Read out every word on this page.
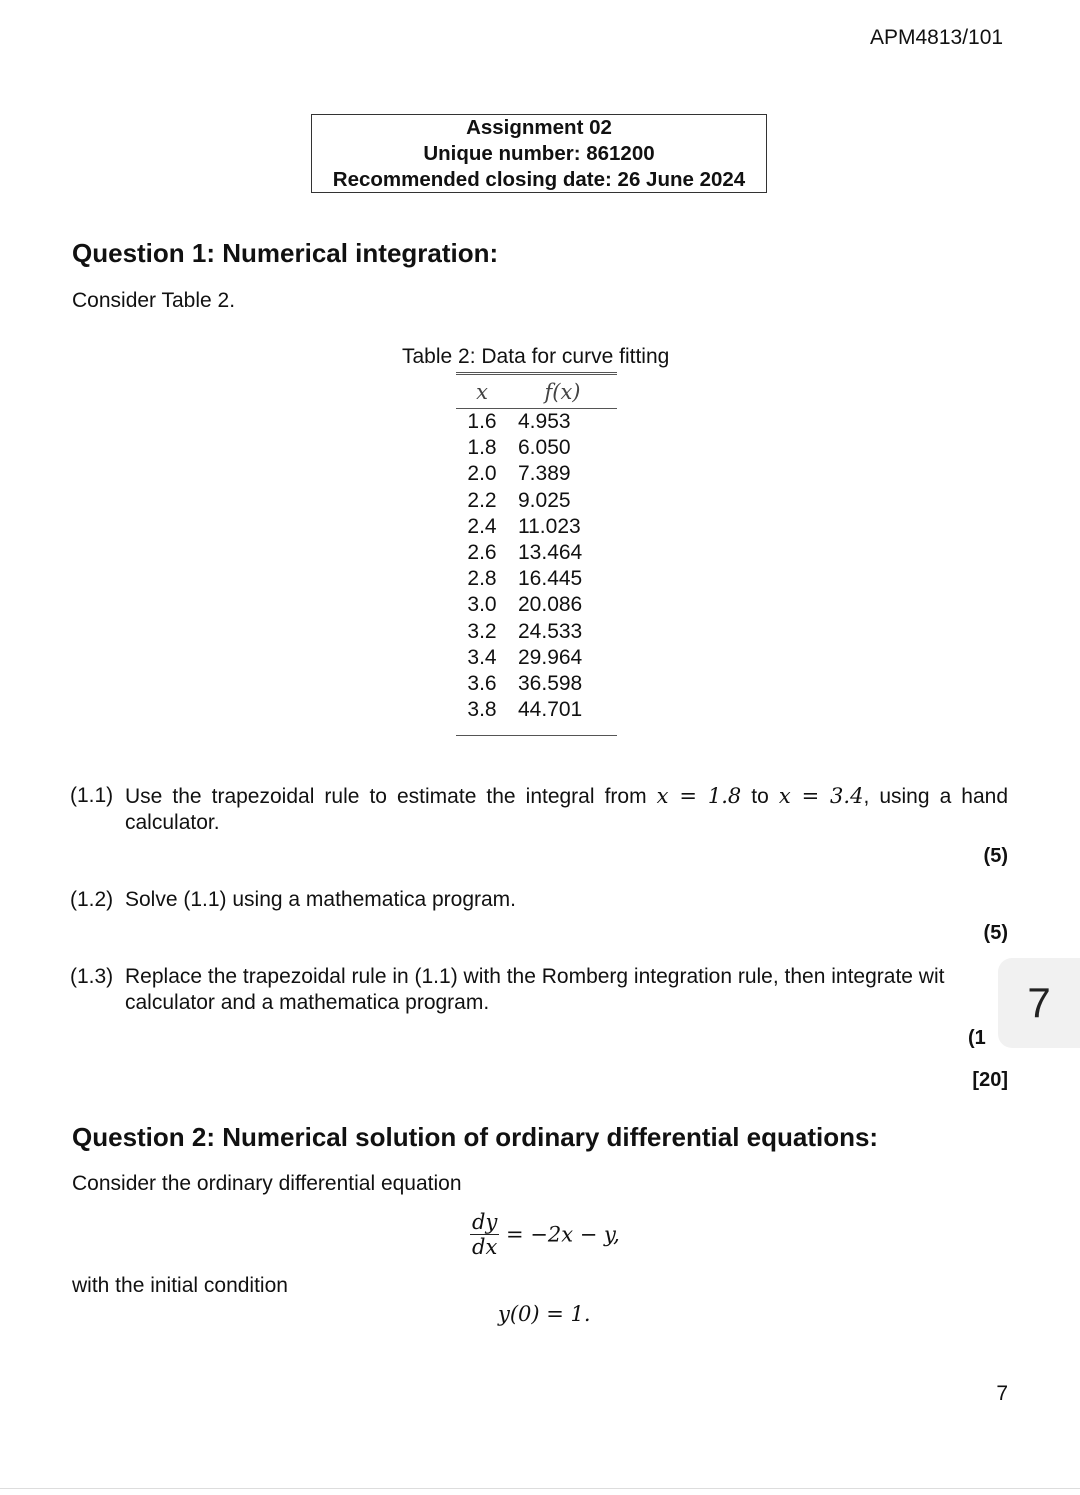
APM4813/101
Assignment 02
Unique number: 861200
Recommended closing date: 26 June 2024
Question 1: Numerical integration:
Consider Table 2.
Table 2: Data for curve fitting
x	f(x)
1.6	4.953
1.8	6.050
2.0	7.389
2.2	9.025
2.4	11.023
2.6	13.464
2.8	16.445
3.0	20.086
3.2	24.533
3.4	29.964
3.6	36.598
3.8	44.701
(1.1) Use the trapezoidal rule to estimate the integral from x = 1.8 to x = 3.4, using a hand calculator.
(5)
(1.2) Solve (1.1) using a mathematica program.
(5)
(1.3) Replace the trapezoidal rule in (1.1) with the Romberg integration rule, then integrate wit
calculator and a mathematica program.	7
(1
[20]
Question 2: Numerical solution of ordinary differential equations:
Consider the ordinary differential equation
$\frac{dy}{dx} = -2x - y$,
with the initial condition
y(0) = 1.
7
